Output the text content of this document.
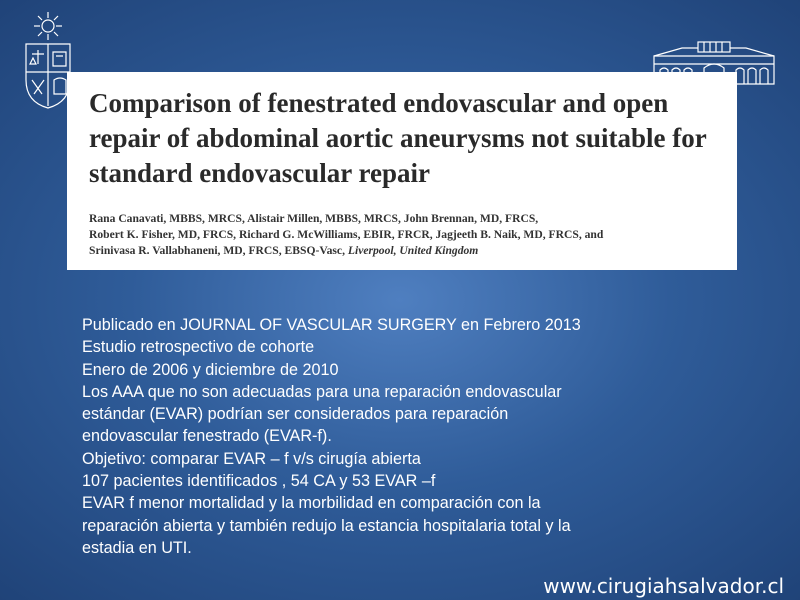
Comparison of fenestrated endovascular and open repair of abdominal aortic aneurysms not suitable for standard endovascular repair
Rana Canavati, MBBS, MRCS, Alistair Millen, MBBS, MRCS, John Brennan, MD, FRCS,
Robert K. Fisher, MD, FRCS, Richard G. McWilliams, EBIR, FRCR, Jagjeeth B. Naik, MD, FRCS, and
Srinivasa R. Vallabhaneni, MD, FRCS, EBSQ-Vasc, Liverpool, United Kingdom
Publicado en JOURNAL OF VASCULAR SURGERY en Febrero 2013
Estudio retrospectivo de cohorte
Enero de 2006 y diciembre de 2010
Los AAA que no son adecuadas para una reparación endovascular
estándar (EVAR) podrían ser considerados para reparación
endovascular fenestrado (EVAR-f).
Objetivo: comparar EVAR – f v/s cirugía abierta
107 pacientes identificados , 54 CA y 53 EVAR –f
EVAR f menor mortalidad y la morbilidad en comparación con la
reparación abierta y también redujo la estancia hospitalaria total y la
estadia en UTI.
www.cirugiahsalvador.cl
